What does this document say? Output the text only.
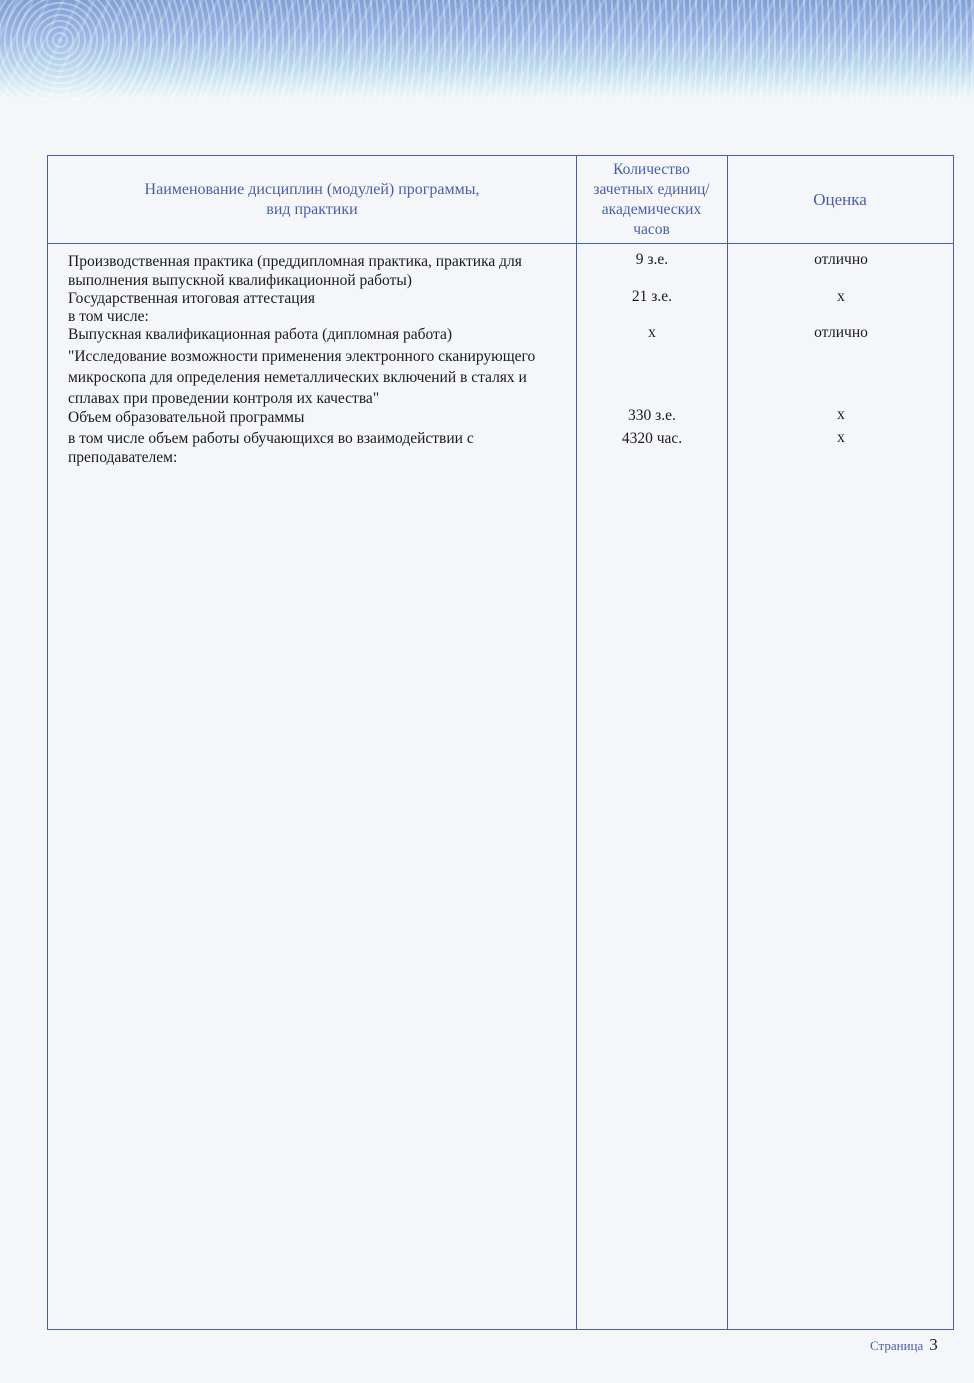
Наименование дисциплин (модулей) программы,
вид практики
Количество
зачетных единиц/
академических
часов
Оценка
Производственная практика (преддипломная практика, практика для
выполнения выпускной квалификационной работы)
9 з.е.	отлично
Государственная итоговая аттестация	21 з.е.	х
в том числе:
Выпускная квалификационная работа (дипломная работа)	х	отлично
"Исследование возможности применения электронного сканирующего
микроскопа для определения неметаллических включений в сталях и
сплавах при проведении контроля их качества"
Объем образовательной программы	330 з.е.	х
в том числе объем работы обучающихся во взаимодействии с
преподавателем:
4320 час.	х
Страница 3
